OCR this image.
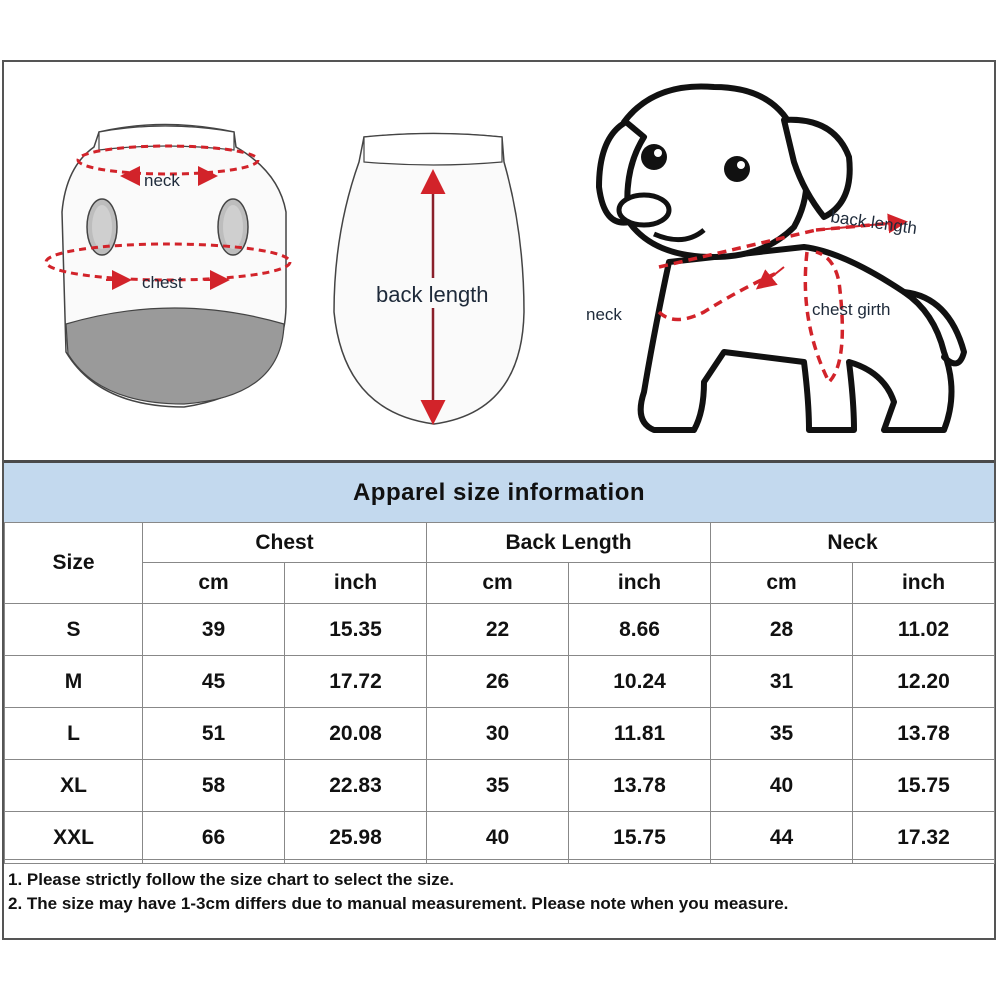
neck
chest	back length
back length
neck	chest girth
Apparel size information
Size	Chest		Back Length		Neck	
	cm	inch	cm	inch	cm	inch
S	39	15.35	22	8.66	28	11.02
M	45	17.72	26	10.24	31	12.20
L	51	20.08	30	11.81	35	13.78
XL	58	22.83	35	13.78	40	15.75
XXL	66	25.98	40	15.75	44	17.32
1. Please strictly follow the size chart to select the size.
2. The size may have 1-3cm differs due to manual measurement. Please note when you measure.
